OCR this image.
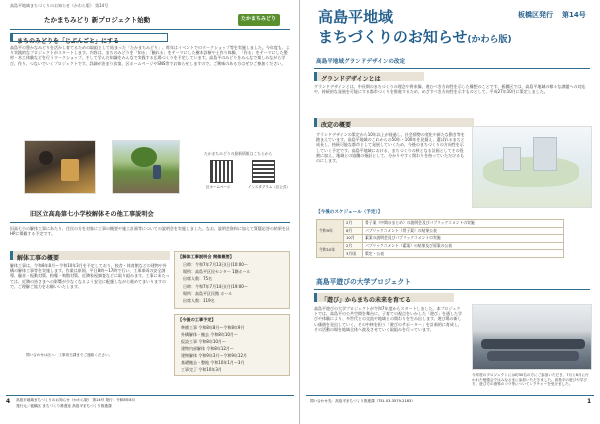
高島平地域まちづくりのお知らせ（かわら版） 第14号
たかまちみどり 新プロジェクト始動	たかまちみどり
まちのみどりを「じぶんごと」にする
高島平の豊かなみどりを活かし育てるための取組として始まった「たかまちみどり」。昨年はイベントでのワークショップ等を実施しました。今年度も、より実践的なプロジェクトがスタートします。内容は、まちのみどりを「知る」「触れる」をテーマにした樹木診断や土作り体験、「作る」をテーマにした製材・木工体験などを行うワークショップ。そして学んだ知識をみんなで実践する広場づくりを予定しています。高島平のみどりをみんなで楽しみながら学び、作り、つないでいくプロジェクトです。詳細が決まり次第、区ホームページやSNS等でお知らせしますので、ご興味のある方はぜひご参加ください。
たかまちみどりの最新情報はこちらから
区ホームページ	インスタグラム（区公式）
旧区立高島第七小学校解体その他工事説明会
旧高七小の解体工事にあたり、住民の方を対象に工事の概要や施工計画等についての説明会を実施しました。なお、説明会資料に加えて質疑応答の結果を区HPに掲載する予定です。
解体工事の概要
解体工事は、令和8年8月～令和10年3月を予定しており、校舎・体育館などの建物や外構の解体工事等を実施します。作業は原則、平日8時～17時で行い、工事車両の安全誘導、騒音・振動対策、粉塵・飛散対策、近隣家屋調査などに取り組みます。工事にあたっては、近隣の皆さまへの影響が少なくなるよう安全に配慮しながら進めてまいりますので、ご理解ご協力をお願いいたします。
問い合わせは区へ：工事担当課までご連絡ください。
【解体工事説明会 開催概要】
日時：令和7年7月13日(日)10:00〜
場所：高島平区民センター 1階ホール
出席人数：75名
日時：令和7年7月14日(月)19:00〜
場所：高島平区民館 ホール
出席人数：119名
【今後の工事予定】
準備工事 令和8年8月〜令和8年9月
外構解体・撤去 令和8年10月〜
仮設工事 令和8年10月〜
建物内部解体 令和8年12月〜
建物解体 令和9年3月〜令和9年12月
基礎撤去・整地 令和10年1月〜3月
工事完了 令和10年3月
4 高島平地域まちづくりのお知らせ（かわら版） 第14号 発行：令和8年8月
発行元／板橋区 まちづくり推進室 高島平まちづくり推進課
高島平地域
まちづくりのお知らせ(かわら版)
板橋区発行 第14号
高島平地域グランドデザインの改定
グランドデザインとは
グランドデザインとは、中長期のまちづくりの理念や将来像、進むべき方向性を示した構想のことです。板橋区では、高島平地域の様々な課題への対応や、持続的な発展を可能にする都市づくりを推進するため、めざすべき方向性を示すものとして、平成27年10月に策定しました。
改定の概要
グランドデザインの策定から10年以上が経過し、社会情勢の変化や新たな動き等を踏まえています。高島平地域のこれからの50年・100年を見据え、選ばれるまちと成長し、持続可能な都市として発展していくため、今後のまちづくりの方向性を示していく予定です。高島平地域における、まちづくりの核となる計画としてその役割に加え、地域との協働の指針として、分かりやすく関わりを持っていただけるものにします。
【今後のスケジュール（予定）】
令和9年	2月	骨子案（中間のまとめ）の説明会及びパブリックコメントの実施
	6月	パブリックコメント（骨子案）の結果公表
	10月	素案の説明会及びパブリックコメントの実施
令和10年	2月	パブリックコメント（素案）の結果及び原案の公表
	3月頃	策定・公表
高島平遊びの大学プロジェクト
「遊び」からまちの未来を育てる
高島平遊びの大学プロジェクトが令和7年度からスタートしました。本プロジェクトでは、高島平の公共空間を舞台に、子育ての視点をいかした「遊び」を通した学びや体験により、多世代との交流や地域との関わりを生み出します。遊び場の新しい価値を見出していく、その中核を担う「遊びのサポーター」を計画的に育成し、その活動の場を地域全体へ波及させていく取組みを行っています。
今年度のプロジェクトには約30名の方にご参加いただき、7月と8月に行われた勉強会ではみなさまに参加いただきました。高島平の遊びや学び方、遊び方の指導のコツ等についてレクチャーを受けました。
問い合わせ先：高島平まちづくり推進課（TEL 03-3579-2183）	1
